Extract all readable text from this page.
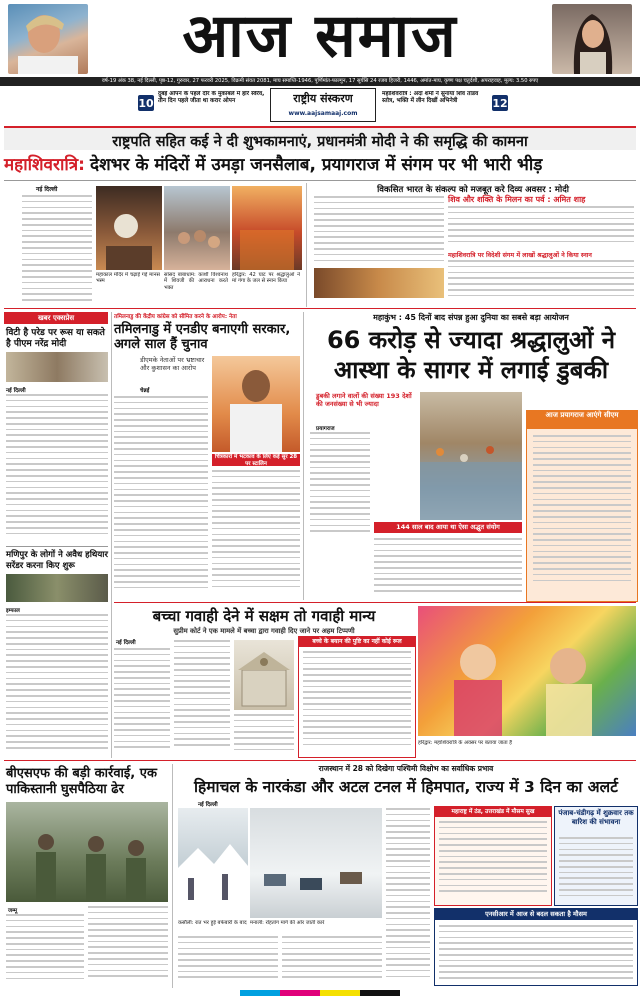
आज समाज
वर्ष-19 अंक 38, नई दिल्ली, पृष्ठ-12, गुरुवार, 27 फरवरी 2025, विक्रमी संवत 2081, माघ समाप्ति-1946, पूर्णिमांत-फाल्गुन, 17 सूर्यसि 24 रजब हिजरी, 1446, अमांत-माघ, कृष्ण पक्ष चतुर्दशी, अपराहवाह, मूल्य: 3.50 रुपए
10
दुबई ओपन के पहले दौर के मुकाबले में हारे स्वेरेव, तीन दिन पहले जीता था करार ओपन	राष्ट्रीय संस्करण
www.aajsamaaj.com
महाशिवरात्रि : अदा शर्मा ने सुनाया शिव तांडव स्तोत्र, भक्ति में लीन दिखीं अभिनेत्री	12
राष्ट्रपति सहित कई ने दी शुभकामनाएं, प्रधानमंत्री मोदी ने की समृद्धि की कामना
महाशिवरात्रि: देशभर के मंदिरों में उमड़ा जनसैलाब, प्रयागराज में संगम पर भी भारी भीड़
नई दिल्ली
महाकाल मंदिर में चढ़ाई गई मानस भस्म
सांसद बाबाधाम: काशी विश्वनाथ में शिवजी की आराधना करते भक्त
हरिद्वार: 42 घाट पर श्रद्धालुओं ने मां गंगा के जल से स्नान किया
विकसित भारत के संकल्प को मजबूत करे दिव्य अवसर : मोदी
शिव और शक्ति के मिलन का पर्व : अमित शाह
महाशिवरात्रि पर विदेशी संगम में लाखों श्रद्धालुओं ने किया स्नान
खबर एक्सप्रेस
विटी है परेड पर रूस या सकते है पीएम नरेंद्र मोदी
नई दिल्ली
मणिपुर के लोगों ने अवैध हथियार सरेंडर करना किए शुरू
इम्फाल
तमिलनाडु की केंद्रीय कांग्रेस को सीमित करने के आरोप: नेता
तमिलनाडु में एनडीए बनाएगी सरकार, अगले साल हैं चुनाव
डीएमके नेताओं पर भ्रष्टाचार और कुशासन का आरोप
चेन्नई
चित्रकारों में भटकाव के लिए कई सुर 28 पर स्टालिन
महाकुंभ : 45 दिनों बाद संपन्न हुआ दुनिया का सबसे बड़ा आयोजन
66 करोड़ से ज्यादा श्रद्धालुओं ने
आस्था के सागर में लगाई डुबकी
डुबकी लगाने वालों की संख्या 193 देशों की जनसंख्या से भी ज्यादा
प्रयागराज
144 साल बाद आया था ऐसा अद्भुत संयोग
आज प्रयागराज आएंगे सीएम
बच्चा गवाही देने में सक्षम तो गवाही मान्य
सुप्रीम कोर्ट ने एक मामले में बच्चा द्वारा गवाही दिए जाने पर अहम टिप्पणी
नई दिल्ली	बच्चे के बयान की पुष्टि का नहीं कोई रूल
हरिद्वार: महाशिवरात्रि के अवसर पर बताया जाता है
बीएसएफ की बड़ी कार्रवाई, एक पाकिस्तानी घुसपैठिया ढेर
जम्मू
राजस्थान में 28 को दिखेगा पश्चिमी विक्षोभ का सर्वाधिक प्रभाव
हिमाचल के नारकंडा और अटल टनल में हिमपात, राज्य में 3 दिन का अलर्ट
नई दिल्ली
कसौली: रात भर हुई बर्फबारी के बाद मनाली: रोहतांग मार्ग की ओर जाती कारें
महाराष्ट्र में ठंड, उत्तराखंड में मौसम सुख	पंजाब-चंडीगढ़ में शुक्रवार तक बारिश की संभावना
एनसीआर में आज से बदल सकता है मौसम
